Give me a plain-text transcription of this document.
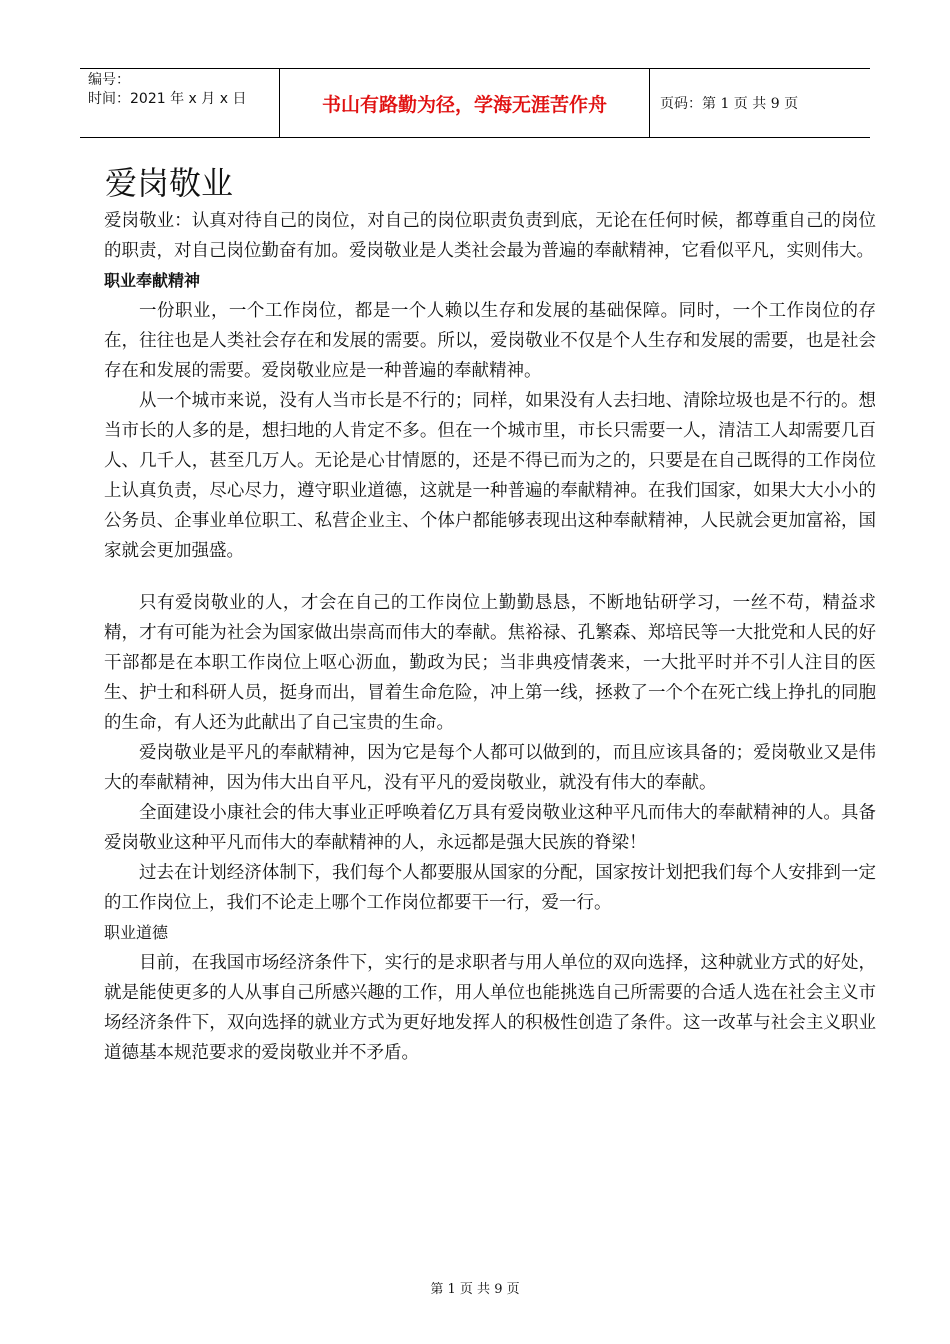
编号：
时间：2021 年 x 月 x 日	书山有路勤为径，学海无涯苦作舟	页码：第 1 页 共 9 页
爱岗敬业

爱岗敬业：认真对待自己的岗位，对自己的岗位职责负责到底，无论在任何时候，都尊重自己的岗位的职责，对自己岗位勤奋有加。爱岗敬业是人类社会最为普遍的奉献精神，它看似平凡，实则伟大。

职业奉献精神

一份职业，一个工作岗位，都是一个人赖以生存和发展的基础保障。同时，一个工作岗位的存在，往往也是人类社会存在和发展的需要。所以，爱岗敬业不仅是个人生存和发展的需要，也是社会存在和发展的需要。爱岗敬业应是一种普遍的奉献精神。

从一个城市来说，没有人当市长是不行的；同样，如果没有人去扫地、清除垃圾也是不行的。想当市长的人多的是，想扫地的人肯定不多。但在一个城市里，市长只需要一人，清洁工人却需要几百人、几千人，甚至几万人。无论是心甘情愿的，还是不得已而为之的，只要是在自己既得的工作岗位上认真负责，尽心尽力，遵守职业道德，这就是一种普遍的奉献精神。在我们国家，如果大大小小的公务员、企事业单位职工、私营企业主、个体户都能够表现出这种奉献精神，人民就会更加富裕，国家就会更加强盛。

只有爱岗敬业的人，才会在自己的工作岗位上勤勤恳恳，不断地钻研学习，一丝不苟，精益求精，才有可能为社会为国家做出崇高而伟大的奉献。焦裕禄、孔繁森、郑培民等一大批党和人民的好干部都是在本职工作岗位上呕心沥血，勤政为民；当非典疫情袭来，一大批平时并不引人注目的医生、护士和科研人员，挺身而出，冒着生命危险，冲上第一线，拯救了一个个在死亡线上挣扎的同胞的生命，有人还为此献出了自己宝贵的生命。

爱岗敬业是平凡的奉献精神，因为它是每个人都可以做到的，而且应该具备的；爱岗敬业又是伟大的奉献精神，因为伟大出自平凡，没有平凡的爱岗敬业，就没有伟大的奉献。

全面建设小康社会的伟大事业正呼唤着亿万具有爱岗敬业这种平凡而伟大的奉献精神的人。具备爱岗敬业这种平凡而伟大的奉献精神的人，永远都是强大民族的脊梁！

过去在计划经济体制下，我们每个人都要服从国家的分配，国家按计划把我们每个人安排到一定的工作岗位上，我们不论走上哪个工作岗位都要干一行，爱一行。

职业道德

目前，在我国市场经济条件下，实行的是求职者与用人单位的双向选择，这种就业方式的好处，就是能使更多的人从事自己所感兴趣的工作，用人单位也能挑选自己所需要的合适人选在社会主义市场经济条件下，双向选择的就业方式为更好地发挥人的积极性创造了条件。这一改革与社会主义职业道德基本规范要求的爱岗敬业并不矛盾。

第 1 页 共 9 页
